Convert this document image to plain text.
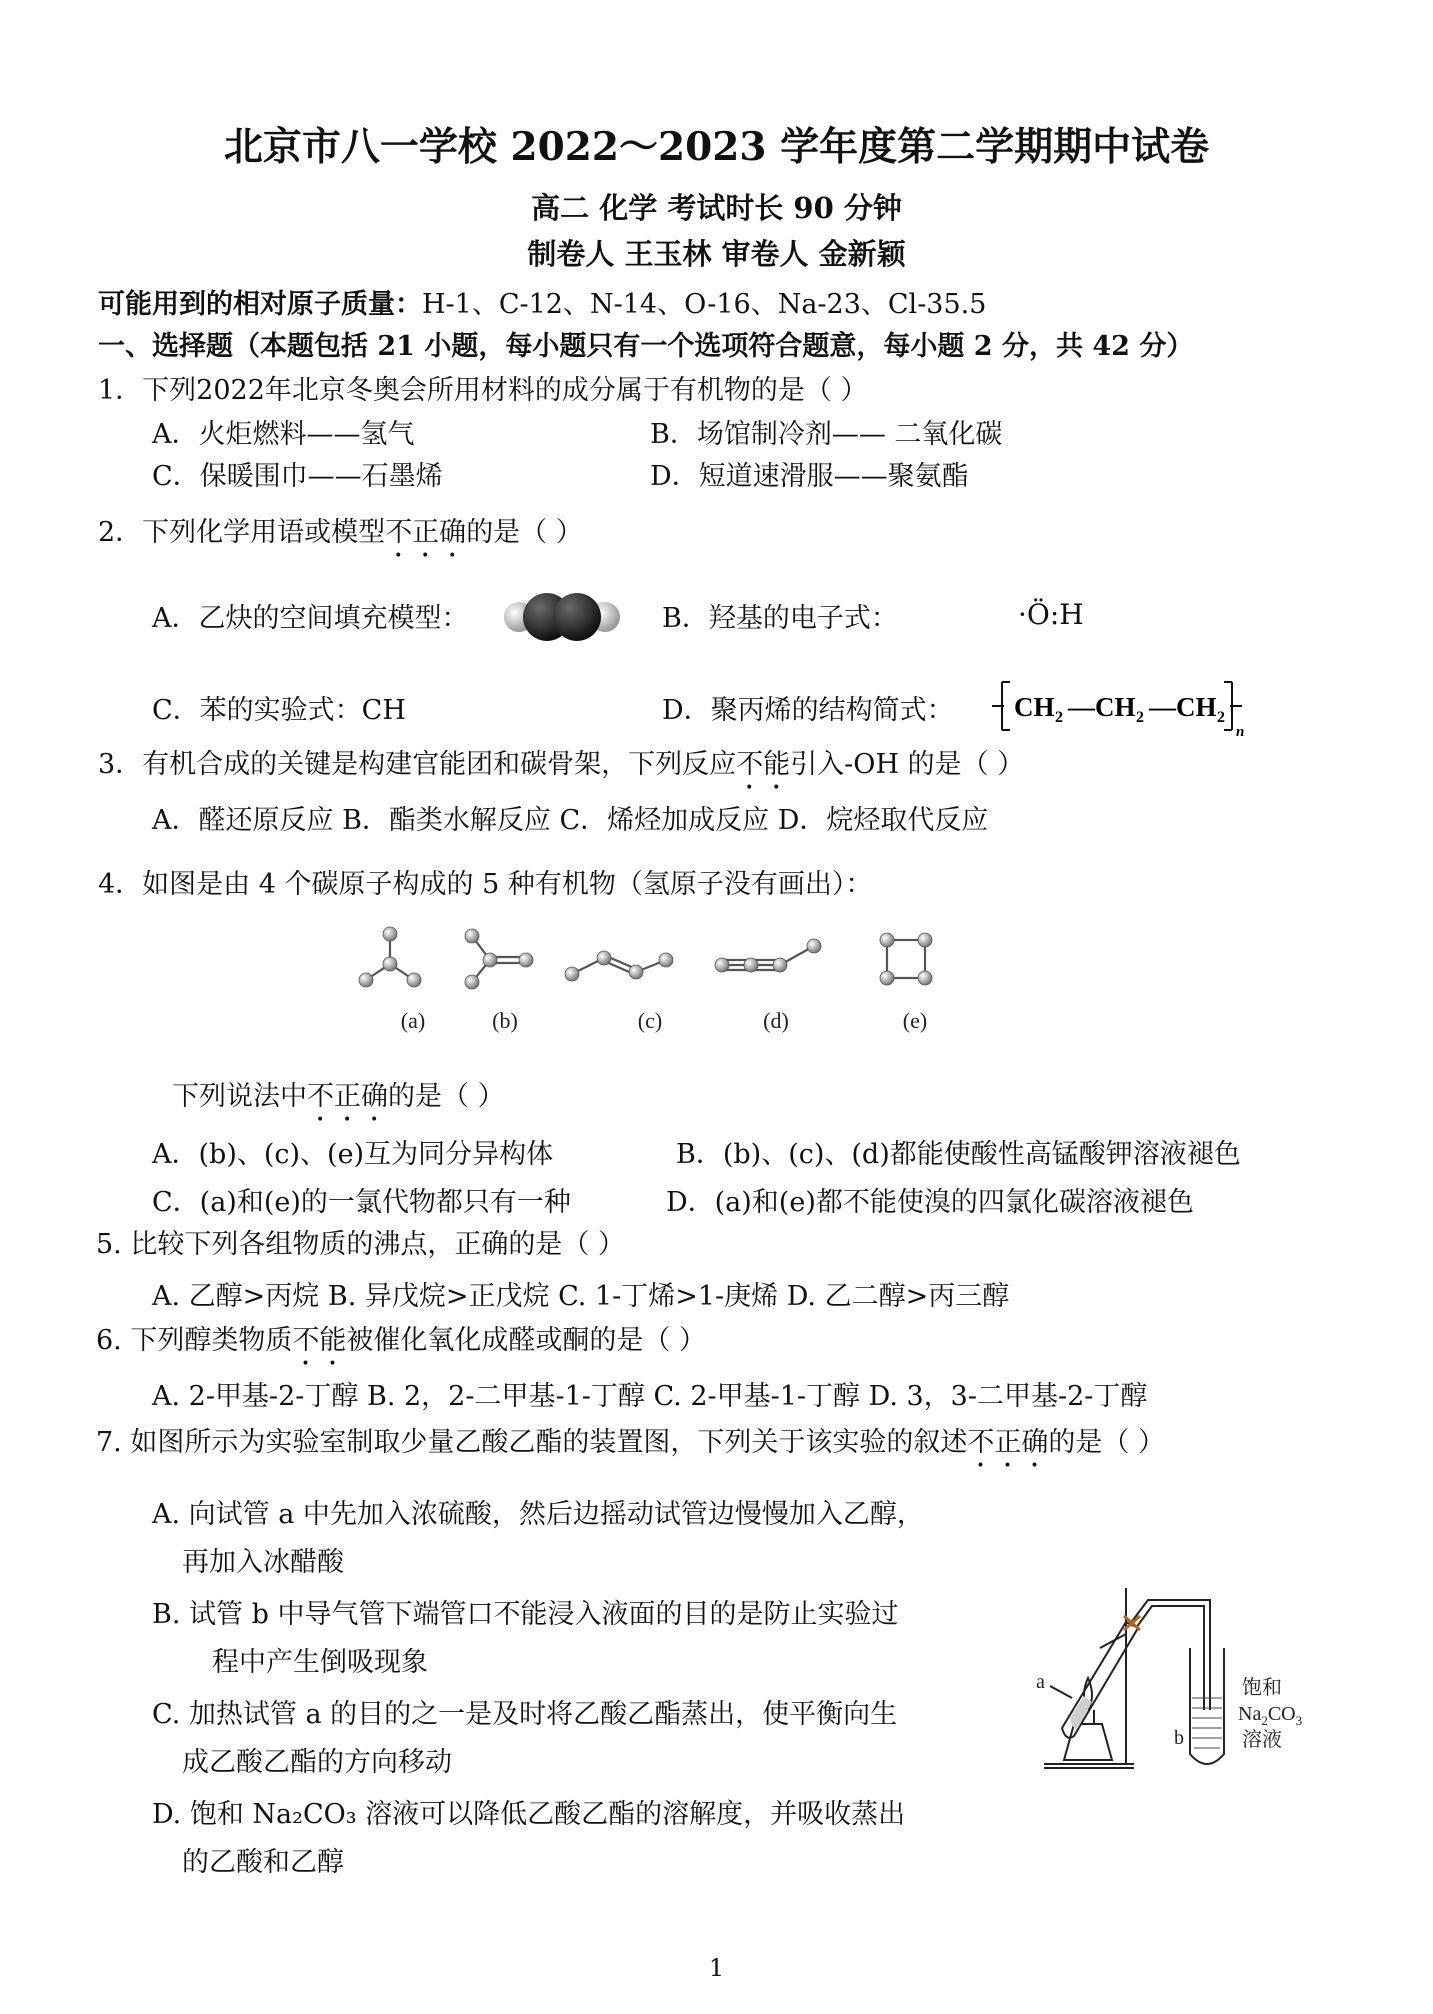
北京市八一学校 2022～2023 学年度第二学期期中试卷
高二 化学 考试时长 90 分钟
制卷人 王玉林 审卷人 金新颖
可能用到的相对原子质量：H-1、C-12、N-14、O-16、Na-23、Cl-35.5
一、选择题（本题包括 21 小题，每小题只有一个选项符合题意，每小题 2 分，共 42 分）
1．下列2022年北京冬奥会所用材料的成分属于有机物的是（ ）
A．火炬燃料——氢气	B．场馆制冷剂—— 二氧化碳
C．保暖围巾——石墨烯	D．短道速滑服——聚氨酯
2．下列化学用语或模型不正确的是（ ）
A．乙炔的空间填充模型：	B．羟基的电子式：	·Ö:H
C．苯的实验式：CH	D．聚丙烯的结构简式： CH 2 —CH 2 —CH 2
n
3．有机合成的关键是构建官能团和碳骨架，下列反应不能引入-OH 的是（ ）
A．醛还原反应 B．酯类水解反应 C．烯烃加成反应 D．烷烃取代反应
4．如图是由 4 个碳原子构成的 5 种有机物（氢原子没有画出）：
(a)	(b)	(c)	(d)	(e)
下列说法中不正确的是（ ）
A．(b)、(c)、(e)互为同分异构体	B．(b)、(c)、(d)都能使酸性高锰酸钾溶液褪色
C．(a)和(e)的一氯代物都只有一种	D．(a)和(e)都不能使溴的四氯化碳溶液褪色
5. 比较下列各组物质的沸点，正确的是（ ）
A. 乙醇>丙烷 B. 异戊烷>正戊烷 C. 1-丁烯>1-庚烯 D. 乙二醇>丙三醇
6. 下列醇类物质不能被催化氧化成醛或酮的是（ ）
A. 2-甲基-2-丁醇 B. 2，2-二甲基-1-丁醇 C. 2-甲基-1-丁醇 D. 3，3-二甲基-2-丁醇
7. 如图所示为实验室制取少量乙酸乙酯的装置图，下列关于该实验的叙述不正确的是（ ）
A. 向试管 a 中先加入浓硫酸，然后边摇动试管边慢慢加入乙醇，
再加入冰醋酸
B. 试管 b 中导气管下端管口不能浸入液面的目的是防止实验过
程中产生倒吸现象
C. 加热试管 a 的目的之一是及时将乙酸乙酯蒸出，使平衡向生
成乙酸乙酯的方向移动
D. 饱和 Na₂CO₃ 溶液可以降低乙酸乙酯的溶解度，并吸收蒸出
的乙酸和乙醇
a
b
饱和
$Na_2CO_3$
溶液
1
